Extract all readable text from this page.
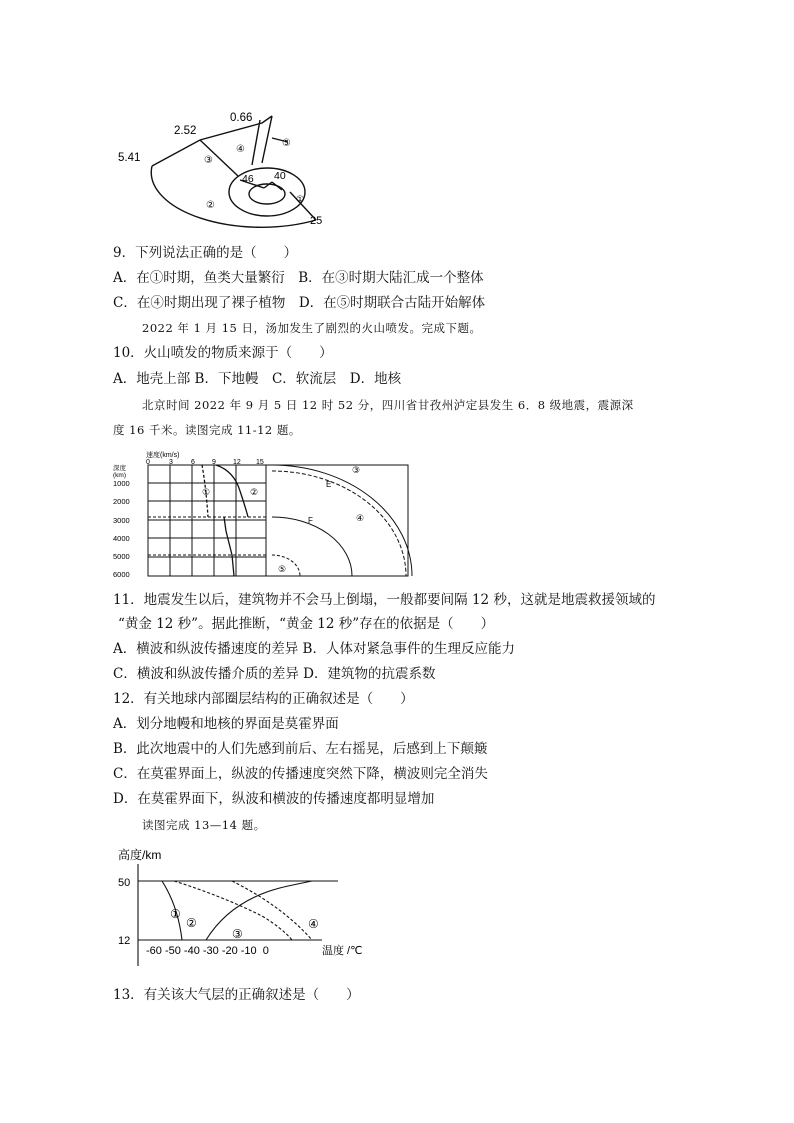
0.66
2.52
5.41
46 40
25
①
②
③
④
⑤
9．下列说法正确的是（　　）
A．在①时期，鱼类大量繁衍　B．在③时期大陆汇成一个整体
C．在④时期出现了裸子植物　D．在⑤时期联合古陆开始解体
2022 年 1 月 15 日，汤加发生了剧烈的火山喷发。完成下题。
10．火山喷发的物质来源于（　　）
A．地壳上部 B．下地幔　C．软流层　D．地核
北京时间 2022 年 9 月 5 日 12 时 52 分，四川省甘孜州泸定县发生 6．8 级地震，震源深
度 16 千米。读图完成 11-12 题。
速度(km/s)
0	3	6 9 12 15
深度
(km)
1000
2000
3000
4000
5000
6000
①	②
③
④
⑤
E
F
11．地震发生以后，建筑物并不会马上倒塌，一般都要间隔 12 秒，这就是地震救援领域的
“黄金 12 秒”。据此推断，“黄金 12 秒”存在的依据是（　　）
A．横波和纵波传播速度的差异 B．人体对紧急事件的生理反应能力
C．横波和纵波传播介质的差异 D．建筑物的抗震系数
12．有关地球内部圈层结构的正确叙述是（　　）
A．划分地幔和地核的界面是莫霍界面
B．此次地震中的人们先感到前后、左右摇晃，后感到上下颠簸
C．在莫霍界面上，纵波的传播速度突然下降，横波则完全消失
D．在莫霍界面下，纵波和横波的传播速度都明显增加
读图完成 13—14 题。
高度/km
50
12
-60 -50 -40 -30 -20 -10  0	温度 /℃
①
②
③
④
13．有关该大气层的正确叙述是（　　）
